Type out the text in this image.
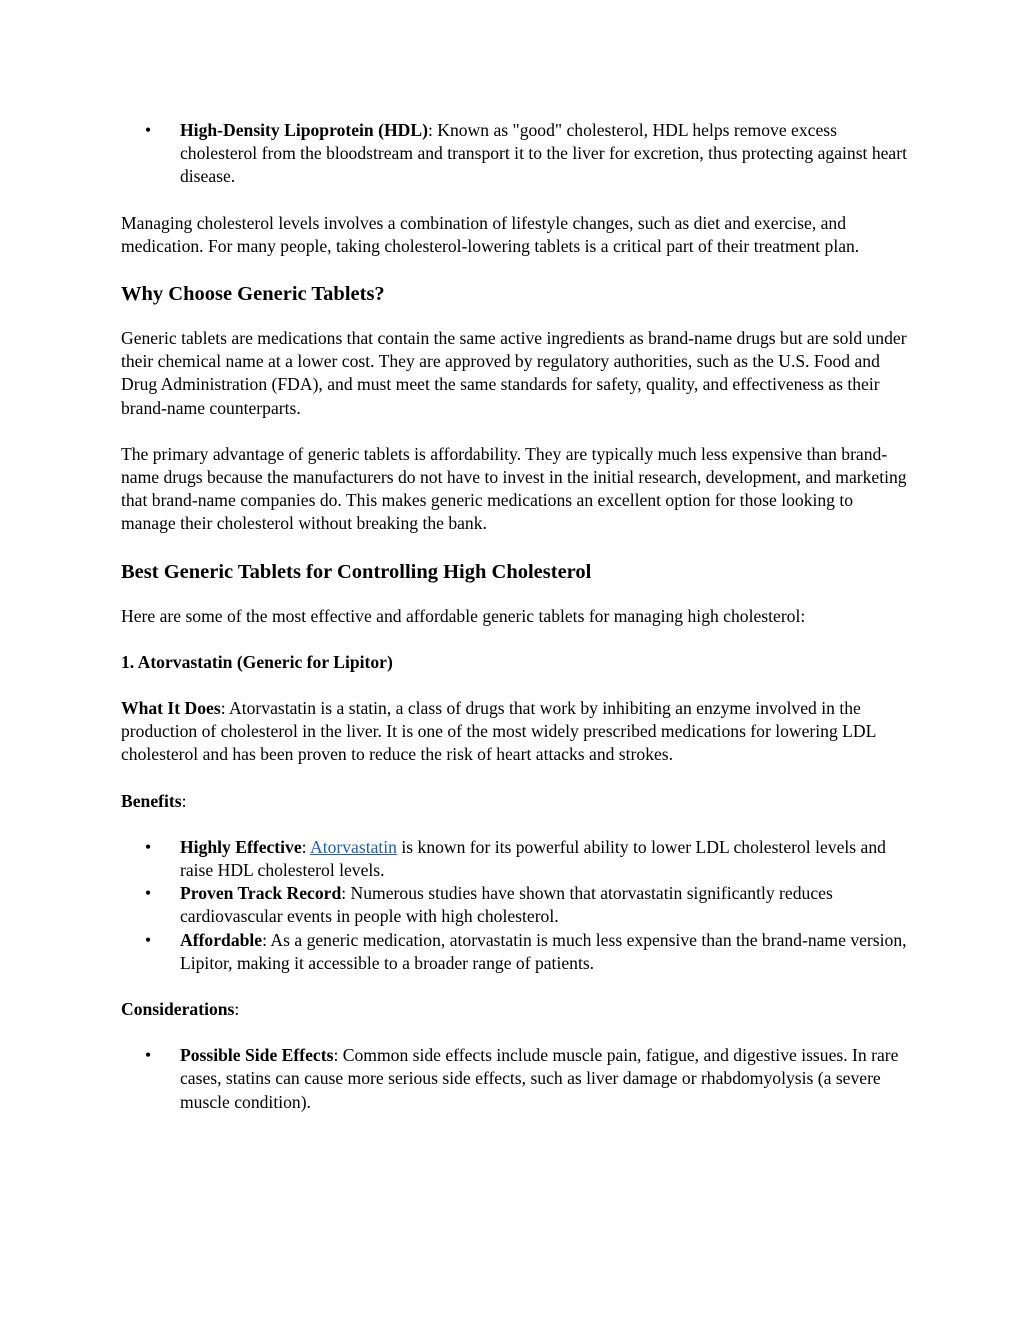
• High-Density Lipoprotein (HDL): Known as "good" cholesterol, HDL helps remove excess cholesterol from the bloodstream and transport it to the liver for excretion, thus protecting against heart disease.

Managing cholesterol levels involves a combination of lifestyle changes, such as diet and exercise, and medication. For many people, taking cholesterol-lowering tablets is a critical part of their treatment plan.

Why Choose Generic Tablets?

Generic tablets are medications that contain the same active ingredients as brand-name drugs but are sold under their chemical name at a lower cost. They are approved by regulatory authorities, such as the U.S. Food and Drug Administration (FDA), and must meet the same standards for safety, quality, and effectiveness as their brand-name counterparts.

The primary advantage of generic tablets is affordability. They are typically much less expensive than brand-name drugs because the manufacturers do not have to invest in the initial research, development, and marketing that brand-name companies do. This makes generic medications an excellent option for those looking to manage their cholesterol without breaking the bank.

Best Generic Tablets for Controlling High Cholesterol

Here are some of the most effective and affordable generic tablets for managing high cholesterol:

1. Atorvastatin (Generic for Lipitor)

What It Does: Atorvastatin is a statin, a class of drugs that work by inhibiting an enzyme involved in the production of cholesterol in the liver. It is one of the most widely prescribed medications for lowering LDL cholesterol and has been proven to reduce the risk of heart attacks and strokes.

Benefits:

• Highly Effective: Atorvastatin is known for its powerful ability to lower LDL cholesterol levels and raise HDL cholesterol levels.
• Proven Track Record: Numerous studies have shown that atorvastatin significantly reduces cardiovascular events in people with high cholesterol.
• Affordable: As a generic medication, atorvastatin is much less expensive than the brand-name version, Lipitor, making it accessible to a broader range of patients.

Considerations:

• Possible Side Effects: Common side effects include muscle pain, fatigue, and digestive issues. In rare cases, statins can cause more serious side effects, such as liver damage or rhabdomyolysis (a severe muscle condition).
